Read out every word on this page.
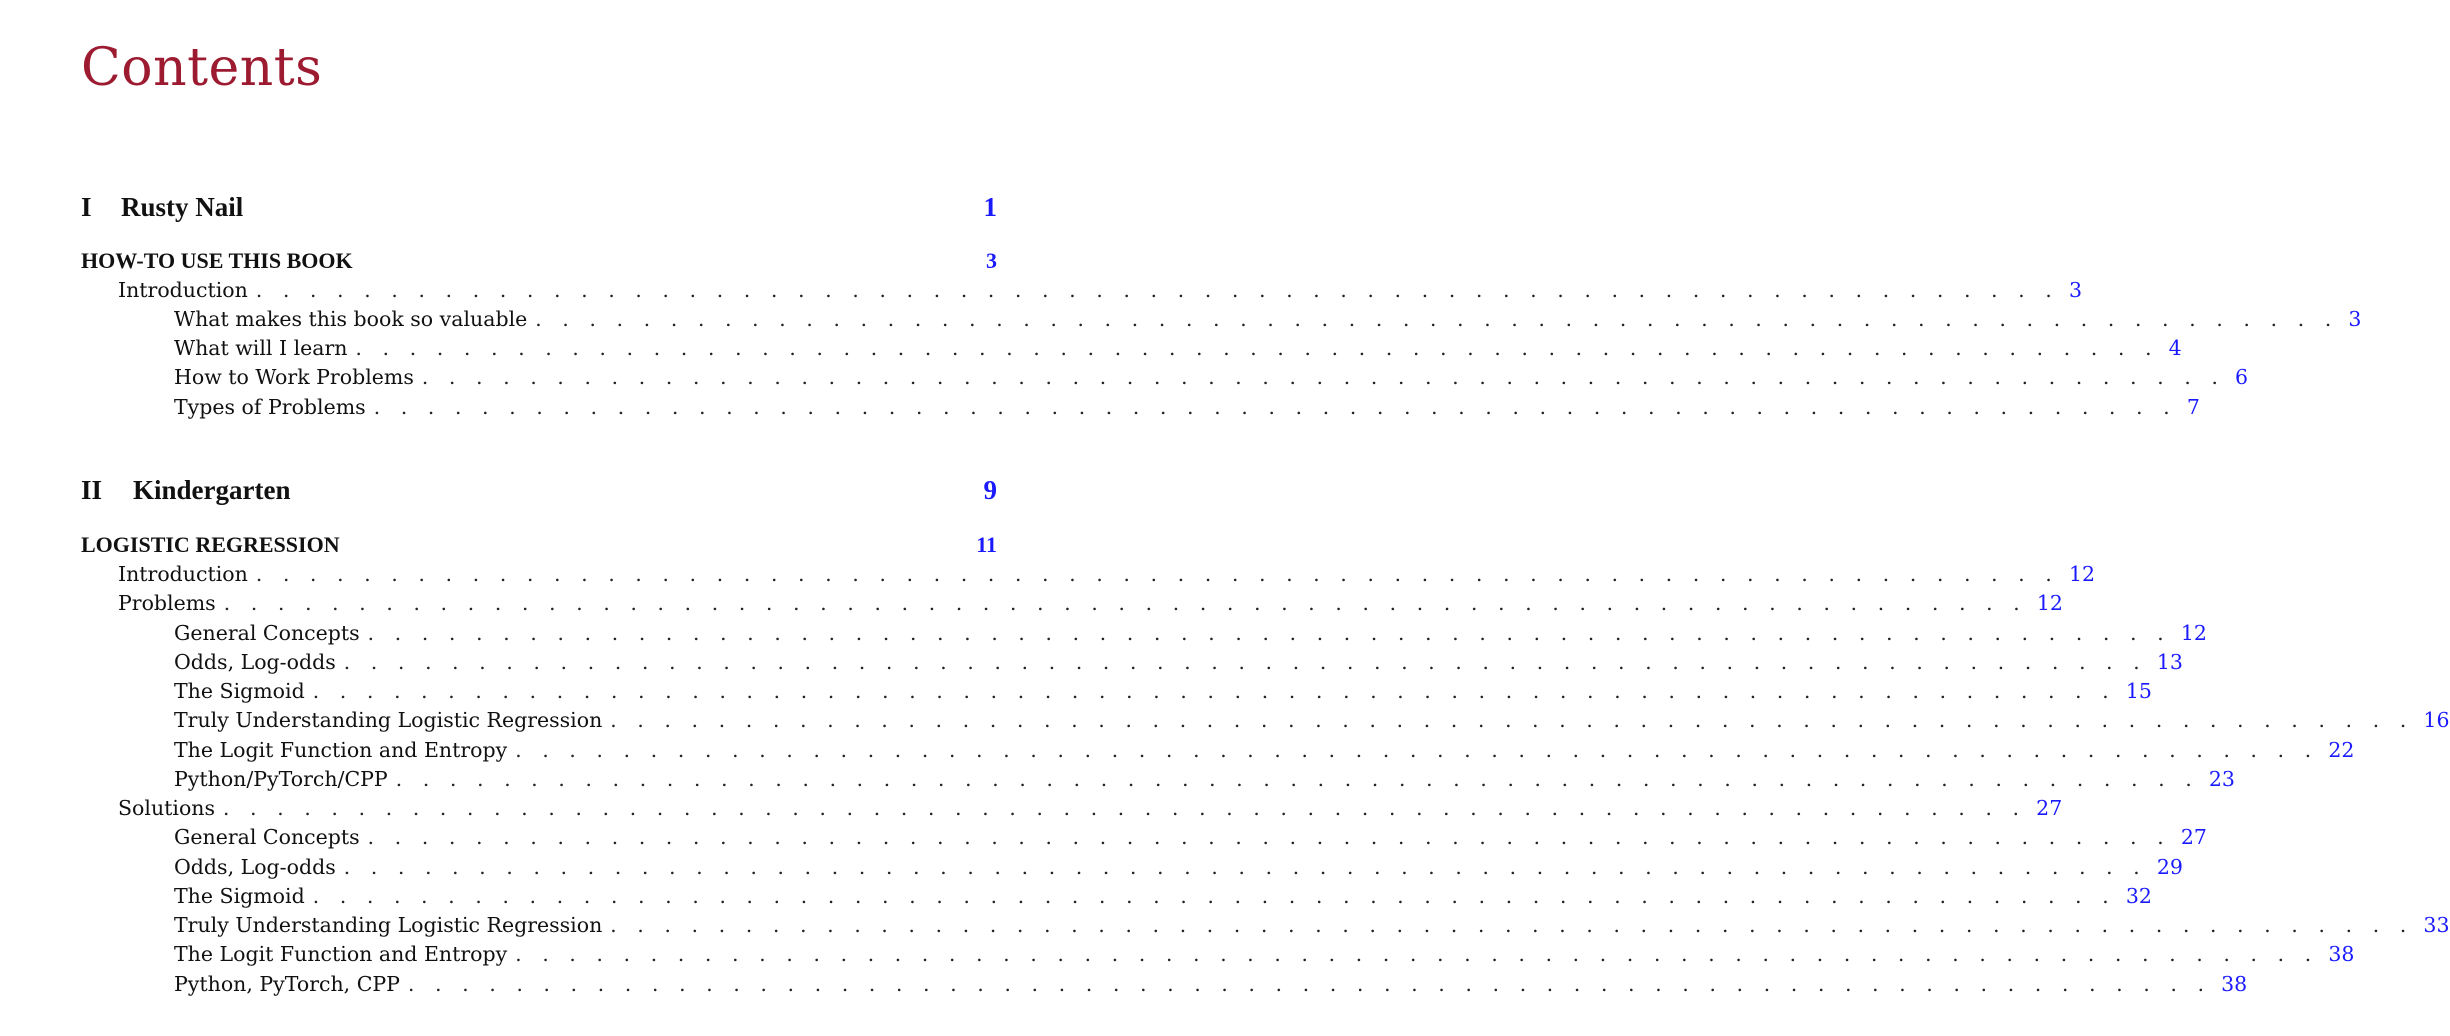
Contents
I	Rusty Nail	1
HOW-TO USE THIS BOOK	3
Introduction . . . . . . . . . . . . . . . . . . . . . . . . . . . . . . . . . . . . . . . . . . . . . . . . . . . . . . . . . . . . . . . . . . . 3
What makes this book so valuable . . . . . . . . . . . . . . . . . . . . . . . . . . . . . . . . . . . . . . . . . . . . . . . . . . . . . . . . . . . . . . . . . . . 3
What will I learn . . . . . . . . . . . . . . . . . . . . . . . . . . . . . . . . . . . . . . . . . . . . . . . . . . . . . . . . . . . . . . . . . . . 4
How to Work Problems . . . . . . . . . . . . . . . . . . . . . . . . . . . . . . . . . . . . . . . . . . . . . . . . . . . . . . . . . . . . . . . . . . . 6
Types of Problems . . . . . . . . . . . . . . . . . . . . . . . . . . . . . . . . . . . . . . . . . . . . . . . . . . . . . . . . . . . . . . . . . . . 7
II	Kindergarten	9
LOGISTIC REGRESSION	11
Introduction . . . . . . . . . . . . . . . . . . . . . . . . . . . . . . . . . . . . . . . . . . . . . . . . . . . . . . . . . . . . . . . . . . . 12
Problems . . . . . . . . . . . . . . . . . . . . . . . . . . . . . . . . . . . . . . . . . . . . . . . . . . . . . . . . . . . . . . . . . . . 12
General Concepts . . . . . . . . . . . . . . . . . . . . . . . . . . . . . . . . . . . . . . . . . . . . . . . . . . . . . . . . . . . . . . . . . . . 12
Odds, Log-odds . . . . . . . . . . . . . . . . . . . . . . . . . . . . . . . . . . . . . . . . . . . . . . . . . . . . . . . . . . . . . . . . . . . 13
The Sigmoid . . . . . . . . . . . . . . . . . . . . . . . . . . . . . . . . . . . . . . . . . . . . . . . . . . . . . . . . . . . . . . . . . . . 15
Truly Understanding Logistic Regression . . . . . . . . . . . . . . . . . . . . . . . . . . . . . . . . . . . . . . . . . . . . . . . . . . . . . . . . . . . . . . . . . . . 16
The Logit Function and Entropy . . . . . . . . . . . . . . . . . . . . . . . . . . . . . . . . . . . . . . . . . . . . . . . . . . . . . . . . . . . . . . . . . . . 22
Python/PyTorch/CPP . . . . . . . . . . . . . . . . . . . . . . . . . . . . . . . . . . . . . . . . . . . . . . . . . . . . . . . . . . . . . . . . . . . 23
Solutions . . . . . . . . . . . . . . . . . . . . . . . . . . . . . . . . . . . . . . . . . . . . . . . . . . . . . . . . . . . . . . . . . . . 27
General Concepts . . . . . . . . . . . . . . . . . . . . . . . . . . . . . . . . . . . . . . . . . . . . . . . . . . . . . . . . . . . . . . . . . . . 27
Odds, Log-odds . . . . . . . . . . . . . . . . . . . . . . . . . . . . . . . . . . . . . . . . . . . . . . . . . . . . . . . . . . . . . . . . . . . 29
The Sigmoid . . . . . . . . . . . . . . . . . . . . . . . . . . . . . . . . . . . . . . . . . . . . . . . . . . . . . . . . . . . . . . . . . . . 32
Truly Understanding Logistic Regression . . . . . . . . . . . . . . . . . . . . . . . . . . . . . . . . . . . . . . . . . . . . . . . . . . . . . . . . . . . . . . . . . . . 33
The Logit Function and Entropy . . . . . . . . . . . . . . . . . . . . . . . . . . . . . . . . . . . . . . . . . . . . . . . . . . . . . . . . . . . . . . . . . . . 38
Python, PyTorch, CPP . . . . . . . . . . . . . . . . . . . . . . . . . . . . . . . . . . . . . . . . . . . . . . . . . . . . . . . . . . . . . . . . . . . 38
